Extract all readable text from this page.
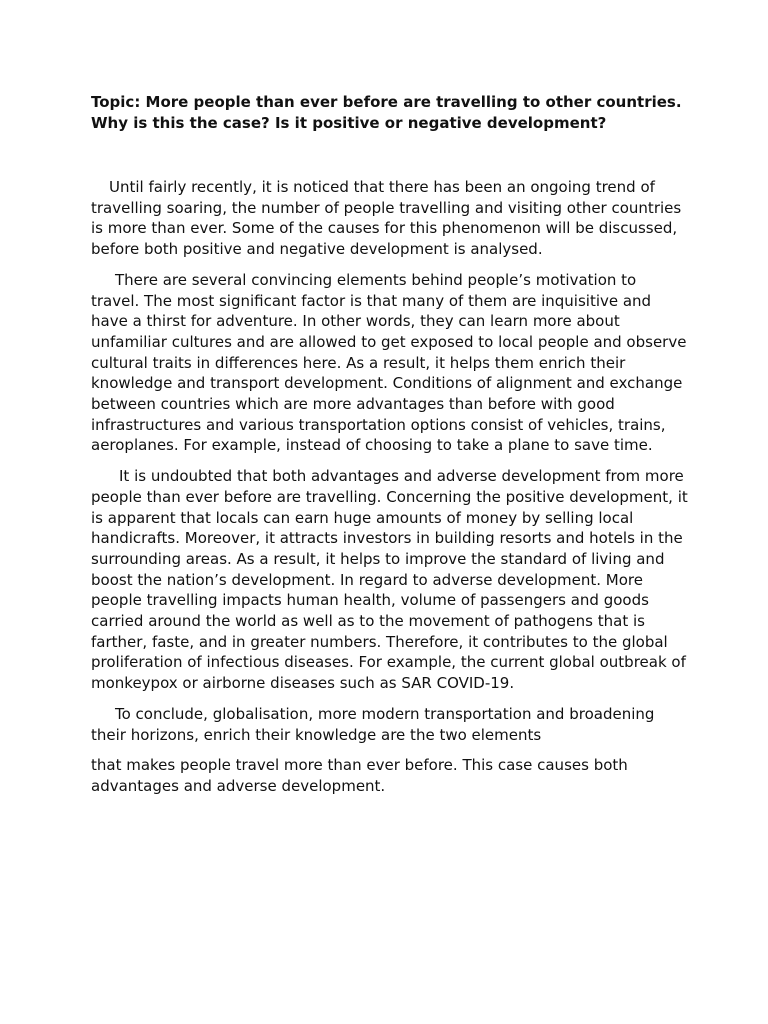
Topic: More people than ever before are travelling to other countries. Why is this the case? Is it positive or negative development?

Until fairly recently, it is noticed that there has been an ongoing trend of travelling soaring, the number of people travelling and visiting other countries is more than ever. Some of the causes for this phenomenon will be discussed, before both positive and negative development is analysed.

There are several convincing elements behind people’s motivation to travel. The most significant factor is that many of them are inquisitive and have a thirst for adventure. In other words, they can learn more about unfamiliar cultures and are allowed to get exposed to local people and observe cultural traits in differences here. As a result, it helps them enrich their knowledge and transport development. Conditions of alignment and exchange between countries which are more advantages than before with good infrastructures and various transportation options consist of vehicles, trains, aeroplanes. For example, instead of choosing to take a plane to save time.

It is undoubted that both advantages and adverse development from more people than ever before are travelling. Concerning the positive development, it is apparent that locals can earn huge amounts of money by selling local handicrafts. Moreover, it attracts investors in building resorts and hotels in the surrounding areas. As a result, it helps to improve the standard of living and boost the nation’s development. In regard to adverse development. More people travelling impacts human health, volume of passengers and goods carried around the world as well as to the movement of pathogens that is farther, faste, and in greater numbers. Therefore, it contributes to the global proliferation of infectious diseases. For example, the current global outbreak of monkeypox or airborne diseases such as SAR COVID-19.

To conclude, globalisation, more modern transportation and broadening their horizons, enrich their knowledge are the two elements

that makes people travel more than ever before. This case causes both advantages and adverse development.
